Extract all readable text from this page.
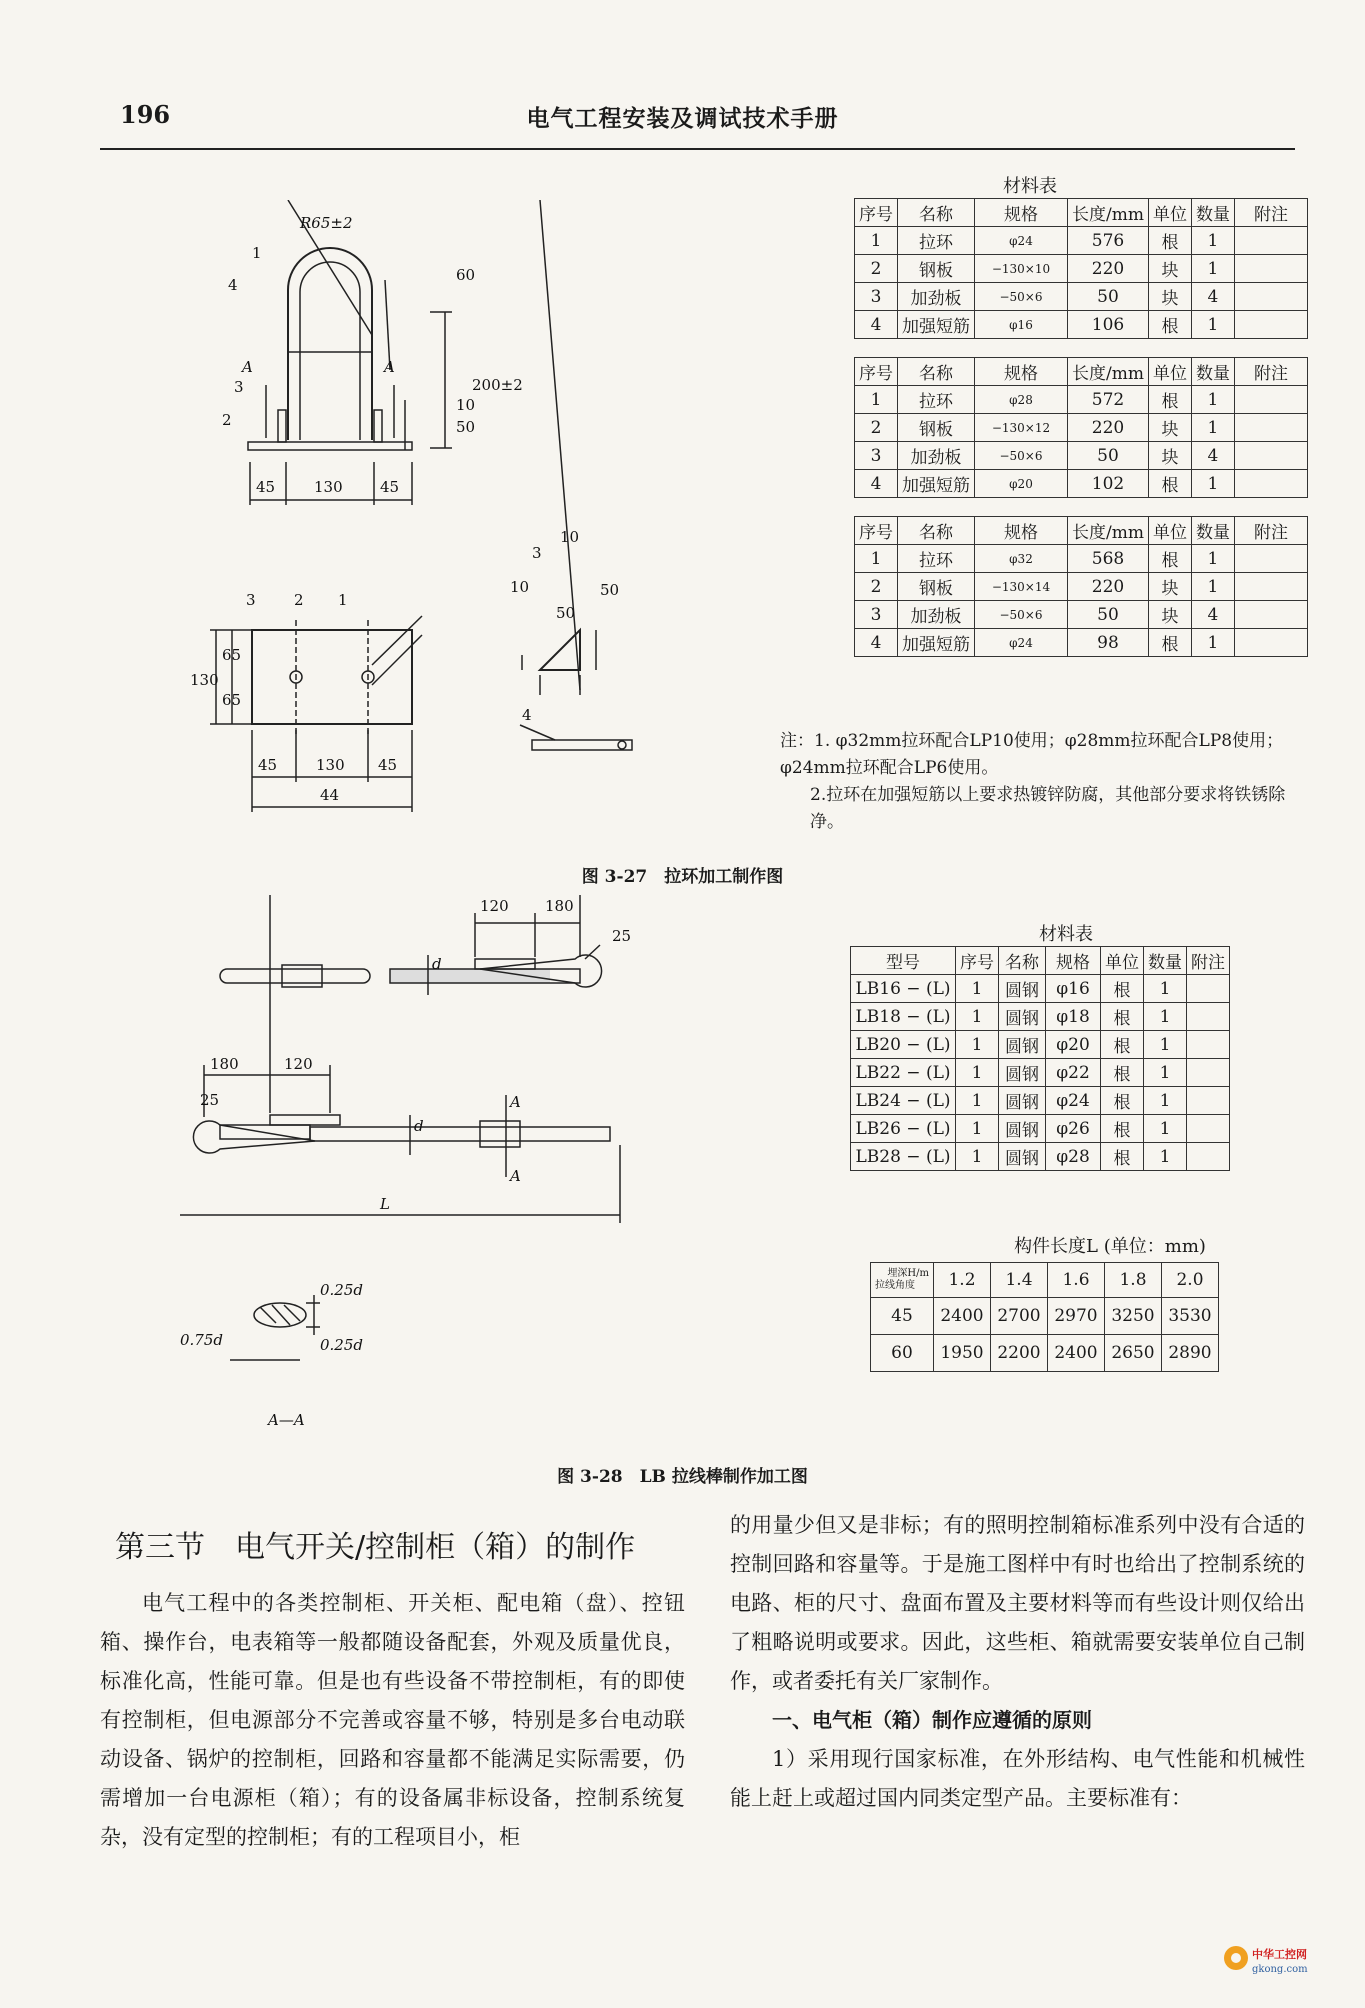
196	电气工程安装及调试技术手册
R65±2
60
200±2
10
50
45	130 45
1
3
2
4
A	A
130
65
65
45	130 45
44
3	2 1
3
10
10	50
50
4
材料表
序号	名称	规格	长度/mm	单位	数量	附注
1	拉环	φ24	576	根	1	
2	钢板	−130×10	220	块	1	
3	加劲板	−50×6	50	块	4	
4	加强短筋	φ16	106	根	1	
序号	名称	规格	长度/mm	单位	数量	附注
1	拉环	φ28	572	根	1	
2	钢板	−130×12	220	块	1	
3	加劲板	−50×6	50	块	4	
4	加强短筋	φ20	102	根	1	
序号	名称	规格	长度/mm	单位	数量	附注
1	拉环	φ32	568	根	1	
2	钢板	−130×14	220	块	1	
3	加劲板	−50×6	50	块	4	
4	加强短筋	φ24	98	根	1	
注：1. φ32mm拉环配合LP10使用；φ28mm拉环配合LP8使用；φ24mm拉环配合LP6使用。
2.拉环在加强短筋以上要求热镀锌防腐，其他部分要求将铁锈除净。
图 3-27　拉环加工制作图
120 180
25
d
180	120
25
d
A
A
L
0.25d
0.25d
0.75d
A—A
材料表
型号	序号	名称	规格	单位	数量	附注
LB16 − (L)	1	圆钢	φ16	根	1	
LB18 − (L)	1	圆钢	φ18	根	1	
LB20 − (L)	1	圆钢	φ20	根	1	
LB22 − (L)	1	圆钢	φ22	根	1	
LB24 − (L)	1	圆钢	φ24	根	1	
LB26 − (L)	1	圆钢	φ26	根	1	
LB28 − (L)	1	圆钢	φ28	根	1	
构件长度L (单位：mm)
埋深H/m
拉线角度	1.2	1.4	1.6	1.8	2.0
45	2400	2700	2970	3250	3530
60	1950	2200	2400	2650	2890
图 3-28　LB 拉线棒制作加工图
第三节　电气开关/控制柜（箱）的制作
电气工程中的各类控制柜、开关柜、配电箱（盘）、控钮箱、操作台，电表箱等一般都随设备配套，外观及质量优良，标准化高，性能可靠。但是也有些设备不带控制柜，有的即使有控制柜，但电源部分不完善或容量不够，特别是多台电动联动设备、锅炉的控制柜，回路和容量都不能满足实际需要，仍需增加一台电源柜（箱）；有的设备属非标设备，控制系统复杂，没有定型的控制柜；有的工程项目小，柜

的用量少但又是非标；有的照明控制箱标准系列中没有合适的控制回路和容量等。于是施工图样中有时也给出了控制系统的电路、柜的尺寸、盘面布置及主要材料等而有些设计则仅给出了粗略说明或要求。因此，这些柜、箱就需要安装单位自己制作，或者委托有关厂家制作。

一、电气柜（箱）制作应遵循的原则

1）采用现行国家标准，在外形结构、电气性能和机械性能上赶上或超过国内同类定型产品。主要标准有：

中华工控网
gkong.com
